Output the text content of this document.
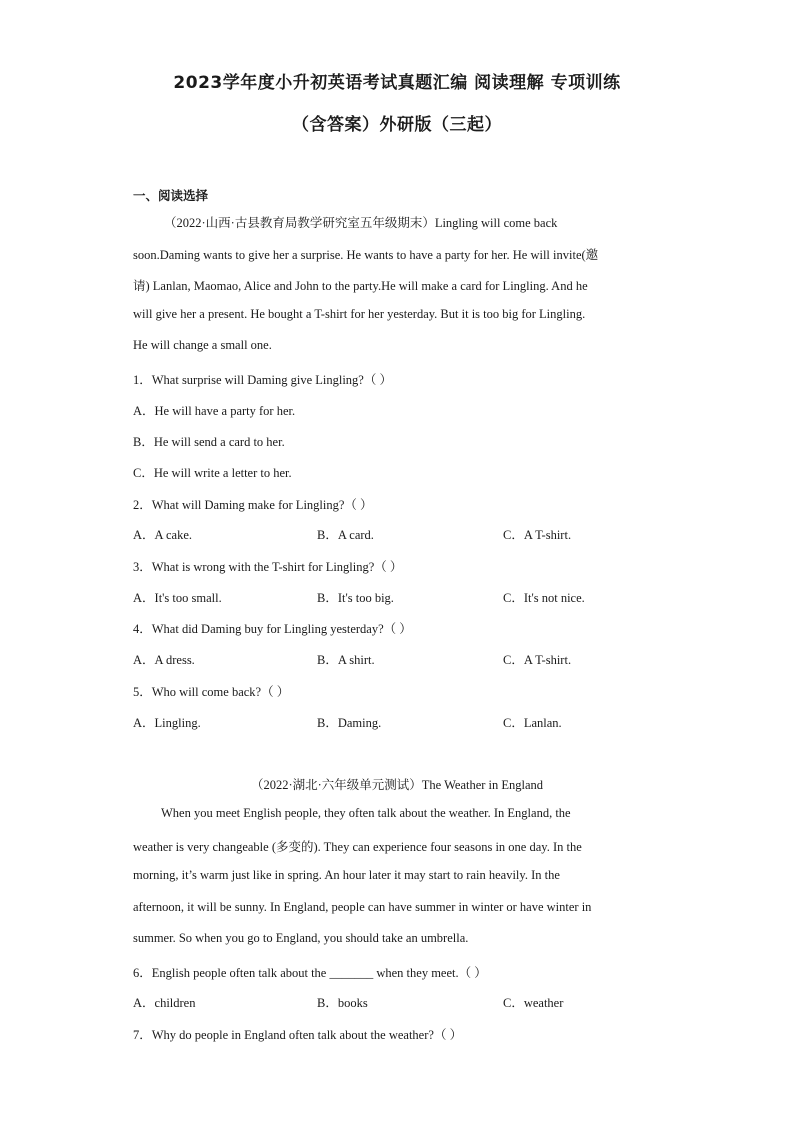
2023学年度小升初英语考试真题汇编 阅读理解 专项训练
（含答案）外研版（三起）
一、阅读选择
（2022·山西·古县教育局教学研究室五年级期末）Lingling will come back
soon.Daming wants to give her a surprise. He wants to have a party for her. He will invite(邀
请) Lanlan, Maomao, Alice and John to the party.He will make a card for Lingling. And he
will give her a present. He bought a T-shirt for her yesterday. But it is too big for Lingling.
He will change a small one.
1．What surprise will Daming give Lingling?（ ）
A．He will have a party for her.
B．He will send a card to her.
C．He will write a letter to her.
2．What will Daming make for Lingling?（ ）
A．A cake.	B．A card.	C．A T-shirt.
3．What is wrong with the T-shirt for Lingling?（ ）
A．It's too small.	B．It's too big.	C．It's not nice.
4．What did Daming buy for Lingling yesterday?（ ）
A．A dress.	B．A shirt.	C．A T-shirt.
5．Who will come back?（ ）
A．Lingling.	B．Daming.	C．Lanlan.
（2022·湖北·六年级单元测试）The Weather in England
When you meet English people, they often talk about the weather. In England, the
weather is very changeable (多变的). They can experience four seasons in one day. In the
morning, it’s warm just like in spring. An hour later it may start to rain heavily. In the
afternoon, it will be sunny. In England, people can have summer in winter or have winter in
summer. So when you go to England, you should take an umbrella.
6．English people often talk about the _______ when they meet.（ ）
A．children	B．books	C．weather
7．Why do people in England often talk about the weather?（ ）
